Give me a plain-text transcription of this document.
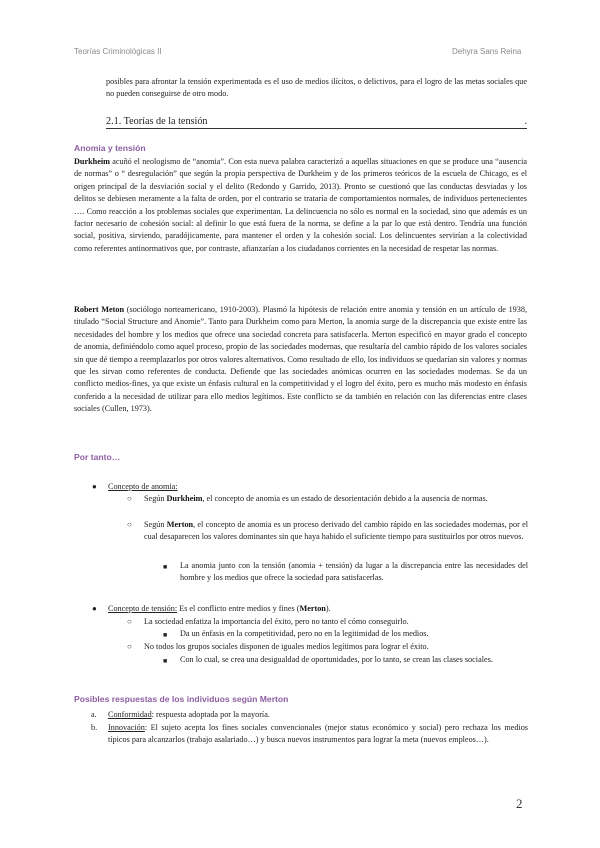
Teorías Criminológicas II	Dehyra Sans Reina

posibles para afrontar la tensión experimentada es el uso de medios ilícitos, o delictivos, para el logro de las metas sociales que no pueden conseguirse de otro modo.

2.1. Teorías de la tensión	.
Anomia y tensión

Durkheim acuñó el neologismo de “anomia”. Con esta nueva palabra caracterizó a aquellas situaciones en que se produce una “ausencia de normas” o “ desregulación” que según la propia perspectiva de Durkheim y de los primeros teóricos de la escuela de Chicago, es el origen principal de la desviación social y el delito (Redondo y Garrido, 2013). Pronto se cuestionó que las conductas desviadas y los delitos se debiesen meramente a la falta de orden, por el contrario se trataría de comportamientos normales, de individuos pertenecientes …. Como reacción a los problemas sociales que experimentan. La delincuencia no sólo es normal en la sociedad, sino que además es un factor necesario de cohesión social: al definir lo que está fuera de la norma, se define a la par lo que está dentro. Tendría una función social, positiva, sirviendo, paradójicamente, para mantener el orden y la cohesión social. Los delincuentes servirían a la colectividad como referentes antinormativos que, por contraste, afianzarían a los ciudadanos corrientes en la necesidad de respetar las normas.

Robert Meton (sociólogo norteamericano, 1910-2003). Plasmó la hipótesis de relación entre anomia y tensión en un artículo de 1938, titulado “Social Structure and Anomie”. Tanto para Durkheim como para Merton, la anomia surge de la discrepancia que existe entre las necesidades del hombre y los medios que ofrece una sociedad concreta para satisfacerla. Merton especificó en mayor grado el concepto de anomia, definiéndolo como aquel proceso, propio de las sociedades modernas, que resultaría del cambio rápido de los valores sociales sin que dé tiempo a reemplazarlos por otros valores alternativos. Como resultado de ello, los individuos se quedarían sin valores y normas que les sirvan como referentes de conducta. Defiende que las sociedades anómicas ocurren en las sociedades modernas. Se da un conflicto medios-fines, ya que existe un énfasis cultural en la competitividad y el logro del éxito, pero es mucho más modesto en énfasis conferido a la necesidad de utilizar para ello medios legítimos. Este conflicto se da también en relación con las diferencias entre clases sociales (Cullen, 1973).

Por tanto…
● Concepto de anomia:
○ Según Durkheim, el concepto de anomia es un estado de desorientación debido a la ausencia de normas.

○ Según Merton, el concepto de anomia es un proceso derivado del cambio rápido en las sociedades modernas, por el cual desaparecen los valores dominantes sin que haya habido el suficiente tiempo para sustituirlos por otros nuevos.

■ La anomia junto con la tensión (anomia + tensión) da lugar a la discrepancia entre las necesidades del hombre y los medios que ofrece la sociedad para satisfacerlas.

● Concepto de tensión: Es el conflicto entre medios y fines (Merton).
○ La sociedad enfatiza la importancia del éxito, pero no tanto el cómo conseguirlo.

■ Da un énfasis en la competitividad, pero no en la legitimidad de los medios.

○ No todos los grupos sociales disponen de iguales medios legítimos para lograr el éxito.

■ Con lo cual, se crea una desigualdad de oportunidades, por lo tanto, se crean las clases sociales.

Posibles respuestas de los individuos según Merton
a. Conformidad: respuesta adoptada por la mayoría.

b. Innovación: El sujeto acepta los fines sociales convencionales (mejor status económico y social) pero rechaza los medios típicos para alcanzarlos (trabajo asalariado…) y busca nuevos instrumentos para lograr la meta (nuevos empleos…).

2
